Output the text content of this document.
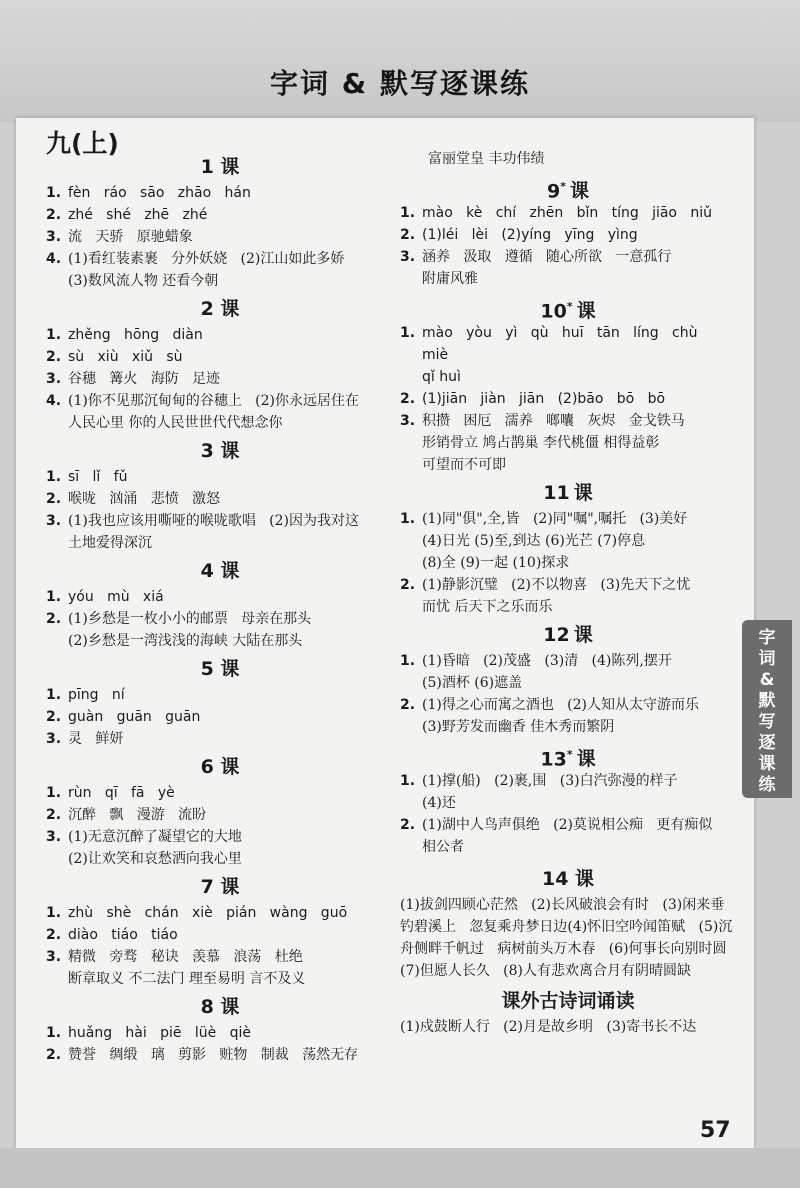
字词 & 默写逐课练
九(上)
1 课
1. fèn   ráo   sāo   zhāo   hán
2. zhé   shé   zhē   zhé
3. 流   天骄   原驰蜡象
4. (1)看红装素裹   分外妖娆   (2)江山如此多娇
(3)数风流人物 还看今朝
2 课
1. zhěng   hōng   diàn
2. sù   xiù   xiǔ   sù
3. 谷穗   篝火   海防   足迹
4. (1)你不见那沉甸甸的谷穗上   (2)你永远居住在
人民心里 你的人民世世代代想念你
3 课
1. sī   lǐ   fǔ
2. 喉咙   汹涌   悲愤   激怒
3. (1)我也应该用嘶哑的喉咙歌唱   (2)因为我对这
土地爱得深沉
4 课
1. yóu   mù   xiá
2. (1)乡愁是一枚小小的邮票   母亲在那头
(2)乡愁是一湾浅浅的海峡 大陆在那头
5 课
1. pīng   ní
2. guàn   guān   guān
3. 灵   鲜妍
6 课
1. rùn   qī   fā   yè
2. 沉醉   飘   漫游   流盼
3. (1)无意沉醉了凝望它的大地
(2)让欢笑和哀愁洒向我心里
7 课
1. zhù   shè   chán   xiè   pián   wàng   guō
2. diào   tiáo   tiáo
3. 精微   旁骛   秘诀   羡慕   浪荡   杜绝
断章取义 不二法门 理至易明 言不及义
8 课
1. huǎng   hài   piē   lüè   qiè
2. 赞誉   绸缎   璃   剪影   赃物   制裁   荡然无存
富丽堂皇 丰功伟绩
9* 课
1. mào   kè   chí   zhēn   bǐn   tíng   jiāo   niǔ
2. (1)léi   lèi   (2)yíng   yīng   yìng
3. 涵养   汲取   遵循   随心所欲   一意孤行
附庸风雅
10* 课
1. mào   yòu   yì   qù   huī   tān   líng   chù   miè
qǐ huì
2. (1)jiān   jiàn   jiān   (2)bāo   bō   bō
3. 积攒   困厄   濡养   啷囔   灰烬   金戈铁马
形销骨立 鸠占鹊巢 李代桃僵 相得益彰
可望而不可即
11 课
1. (1)同"俱",全,皆   (2)同"嘱",嘱托   (3)美好
(4)日光 (5)至,到达 (6)光芒 (7)停息
(8)全 (9)一起 (10)探求
2. (1)静影沉璧   (2)不以物喜   (3)先天下之忧
而忧 后天下之乐而乐
12 课
1. (1)昏暗   (2)茂盛   (3)清   (4)陈列,摆开
(5)酒杯 (6)遮盖
2. (1)得之心而寓之酒也   (2)人知从太守游而乐
(3)野芳发而幽香 佳木秀而繁阴
13* 课
1. (1)撑(船)   (2)裹,围   (3)白汽弥漫的样子
(4)还
2. (1)湖中人鸟声俱绝   (2)莫说相公痴   更有痴似
相公者
14 课
(1)拔剑四顾心茫然   (2)长风破浪会有时   (3)闲来垂钓碧溪上   忽复乘舟梦日边(4)怀旧空吟闻笛赋   (5)沉舟侧畔千帆过   病树前头万木春   (6)何事长向别时圆   (7)但愿人长久   (8)人有悲欢离合月有阴晴圆缺
课外古诗词诵读
(1)戍鼓断人行   (2)月是故乡明   (3)寄书长不达
字
词
&
默
写
逐
课
练
57
